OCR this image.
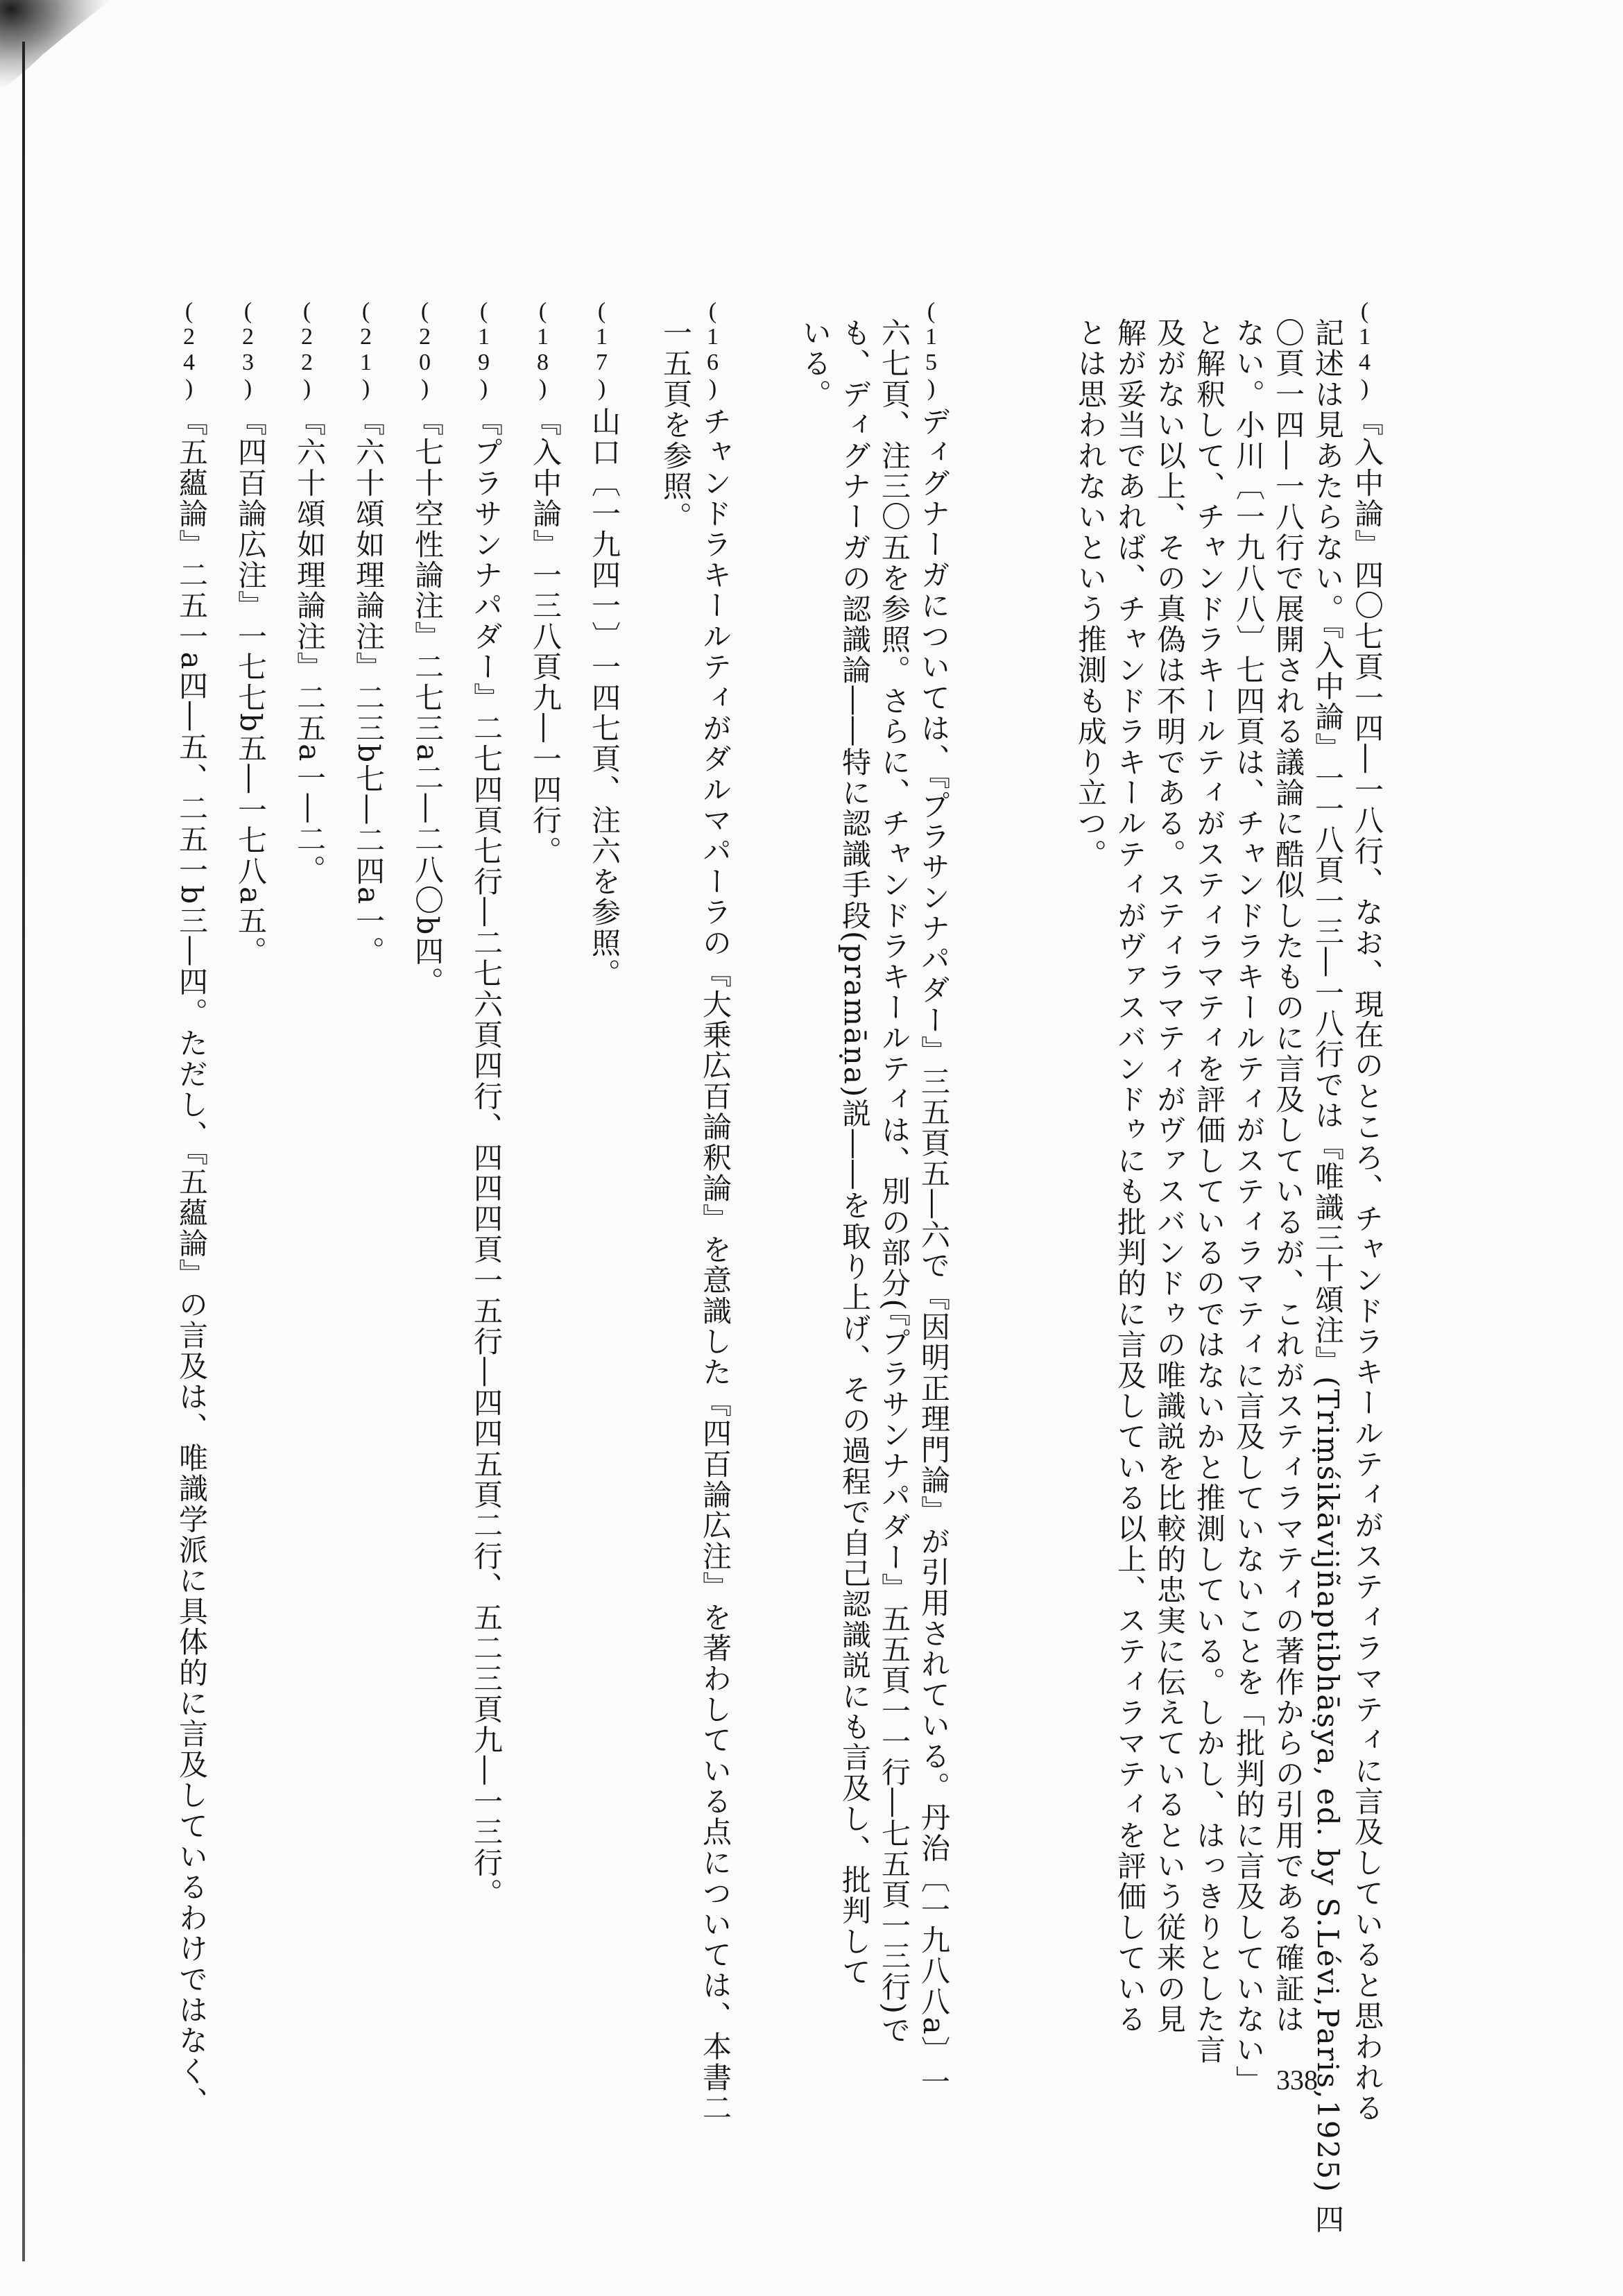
(14)
『入中論』四〇七頁一四―一八行、なお、現在のところ、チャンドラキールティがスティラマティに言及していると思われる
記述は見あたらない。『入中論』一一八頁一三―一八行では『唯識三十頌注』(Triṃśikāvijñaptibhāṣya, ed. by S.Lévi,Paris,1925) 四
〇頁一四―一八行で展開される議論に酷似したものに言及しているが、これがスティラマティの著作からの引用である確証は
ない。小川〔一九八八〕七四頁は、チャンドラキールティがスティラマティに言及していないことを「批判的に言及していない」
と解釈して、チャンドラキールティがスティラマティを評価しているのではないかと推測している。しかし、はっきりとした言
及がない以上、その真偽は不明である。スティラマティがヴァスバンドゥの唯識説を比較的忠実に伝えているという従来の見
解が妥当であれば、チャンドラキールティがヴァスバンドゥにも批判的に言及している以上、スティラマティを評価している
とは思われないという推測も成り立つ。
(15)
ディグナーガについては、『プラサンナパダー』三五頁五―六で『因明正理門論』が引用されている。丹治〔一九八八a〕一
六七頁、注三〇五を参照。さらに、チャンドラキールティは、別の部分(『プラサンナパダー』五五頁一一行―七五頁一三行)で
も、ディグナーガの認識論――特に認識手段(pramāṇa)説――を取り上げ、その過程で自己認識説にも言及し、批判して
いる。
(16)
チャンドラキールティがダルマパーラの『大乗広百論釈論』を意識した『四百論広注』を著わしている点については、本書二
一五頁を参照。
(17)
山口〔一九四一〕一四七頁、注六を参照。
(18)
『入中論』一三八頁九―一四行。
(19)
『プラサンナパダー』二七四頁七行―二七六頁四行、四四四頁一五行―四四五頁二行、五二三頁九―一三行。
(20)
『七十空性論注』二七三a二―二八〇b四。
(21)
『六十頌如理論注』二三b七―二四a一。
(22)
『六十頌如理論注』二五a一―二。
(23)
『四百論広注』一七七b五―一七八a五。
(24)
『五蘊論』二五一a四―五、二五一b三―四。ただし、『五蘊論』の言及は、唯識学派に具体的に言及しているわけではなく、	338
